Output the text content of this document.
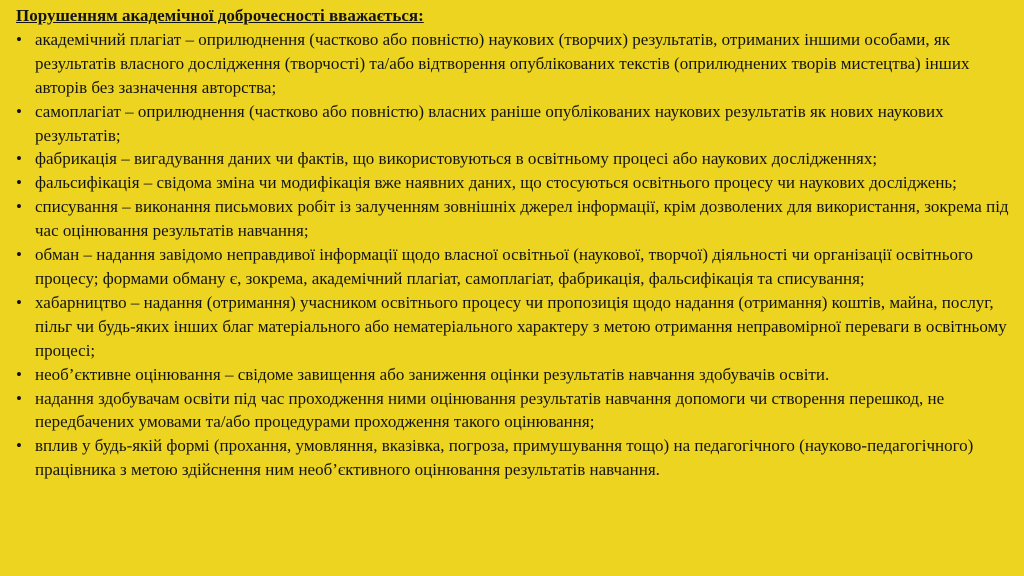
Порушенням академічної доброчесності вважається:

• академічний плагіат – оприлюднення (частково або повністю) наукових (творчих) результатів, отриманих іншими особами, як результатів власного дослідження (творчості) та/або відтворення опублікованих текстів (оприлюднених творів мистецтва) інших авторів без зазначення авторства;
• самоплагіат – оприлюднення (частково або повністю) власних раніше опублікованих наукових результатів як нових наукових результатів;
• фабрикація – вигадування даних чи фактів, що використовуються в освітньому процесі або наукових дослідженнях;
• фальсифікація – свідома зміна чи модифікація вже наявних даних, що стосуються освітнього процесу чи наукових досліджень;
• списування – виконання письмових робіт із залученням зовнішніх джерел інформації, крім дозволених для використання, зокрема під час оцінювання результатів навчання;
• обман – надання завідомо неправдивої інформації щодо власної освітньої (наукової, творчої) діяльності чи організації освітнього процесу; формами обману є, зокрема, академічний плагіат, самоплагіат, фабрикація, фальсифікація та списування;
• хабарництво – надання (отримання) учасником освітнього процесу чи пропозиція щодо надання (отримання) коштів, майна, послуг, пільг чи будь-яких інших благ матеріального або нематеріального характеру з метою отримання неправомірної переваги в освітньому процесі;
• необ’єктивне оцінювання – свідоме завищення або заниження оцінки результатів навчання здобувачів освіти.
• надання здобувачам освіти під час проходження ними оцінювання результатів навчання допомоги чи створення перешкод, не передбачених умовами та/або процедурами проходження такого оцінювання;
• вплив у будь-якій формі (прохання, умовляння, вказівка, погроза, примушування тощо) на педагогічного (науково-педагогічного) працівника з метою здійснення ним необ’єктивного оцінювання результатів навчання.
